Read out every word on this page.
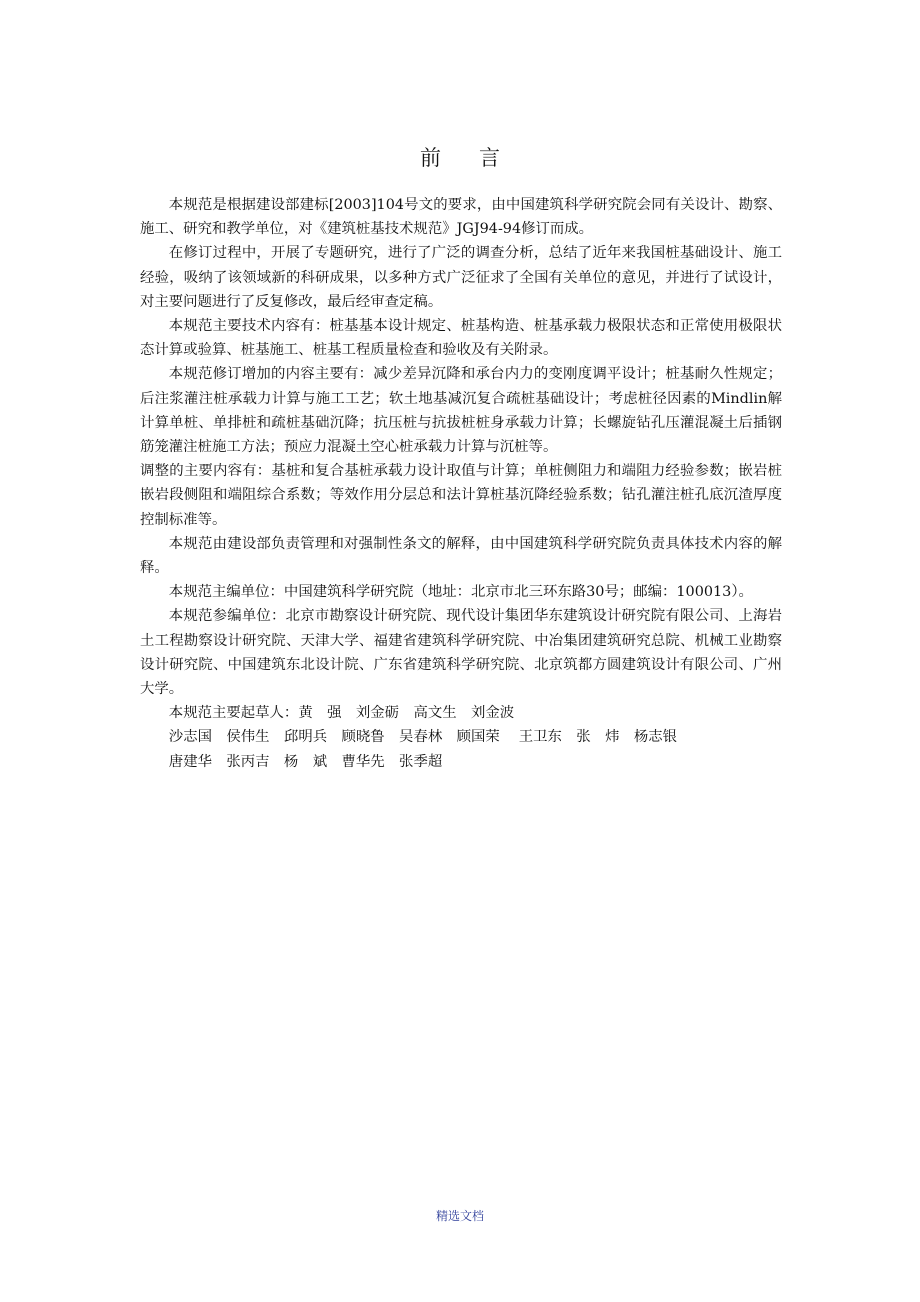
前言

本规范是根据建设部建标[2003]104号文的要求，由中国建筑科学研究院会同有关设计、勘察、施工、研究和教学单位，对《建筑桩基技术规范》JGJ94-94修订而成。

在修订过程中，开展了专题研究，进行了广泛的调查分析，总结了近年来我国桩基础设计、施工经验，吸纳了该领域新的科研成果，以多种方式广泛征求了全国有关单位的意见，并进行了试设计，对主要问题进行了反复修改，最后经审查定稿。

本规范主要技术内容有：桩基基本设计规定、桩基构造、桩基承载力极限状态和正常使用极限状态计算或验算、桩基施工、桩基工程质量检查和验收及有关附录。

本规范修订增加的内容主要有：减少差异沉降和承台内力的变刚度调平设计；桩基耐久性规定；后注浆灌注桩承载力计算与施工工艺；软土地基减沉复合疏桩基础设计；考虑桩径因素的Mindlin解计算单桩、单排桩和疏桩基础沉降；抗压桩与抗拔桩桩身承载力计算；长螺旋钻孔压灌混凝土后插钢筋笼灌注桩施工方法；预应力混凝土空心桩承载力计算与沉桩等。

调整的主要内容有：基桩和复合基桩承载力设计取值与计算；单桩侧阻力和端阻力经验参数；嵌岩桩嵌岩段侧阻和端阻综合系数；等效作用分层总和法计算桩基沉降经验系数；钻孔灌注桩孔底沉渣厚度控制标准等。

本规范由建设部负责管理和对强制性条文的解释，由中国建筑科学研究院负责具体技术内容的解释。

本规范主编单位：中国建筑科学研究院（地址：北京市北三环东路30号；邮编：100013）。

本规范参编单位：北京市勘察设计研究院、现代设计集团华东建筑设计研究院有限公司、上海岩土工程勘察设计研究院、天津大学、福建省建筑科学研究院、中冶集团建筑研究总院、机械工业勘察设计研究院、中国建筑东北设计院、广东省建筑科学研究院、北京筑都方圆建筑设计有限公司、广州大学。

本规范主要起草人：黄　强　刘金砺　高文生　刘金波
沙志国　侯伟生　邱明兵　顾晓鲁　吴春林　顾国荣　 王卫东　张　炜　杨志银
唐建华　张丙吉　杨　斌　曹华先　张季超
精选文档
